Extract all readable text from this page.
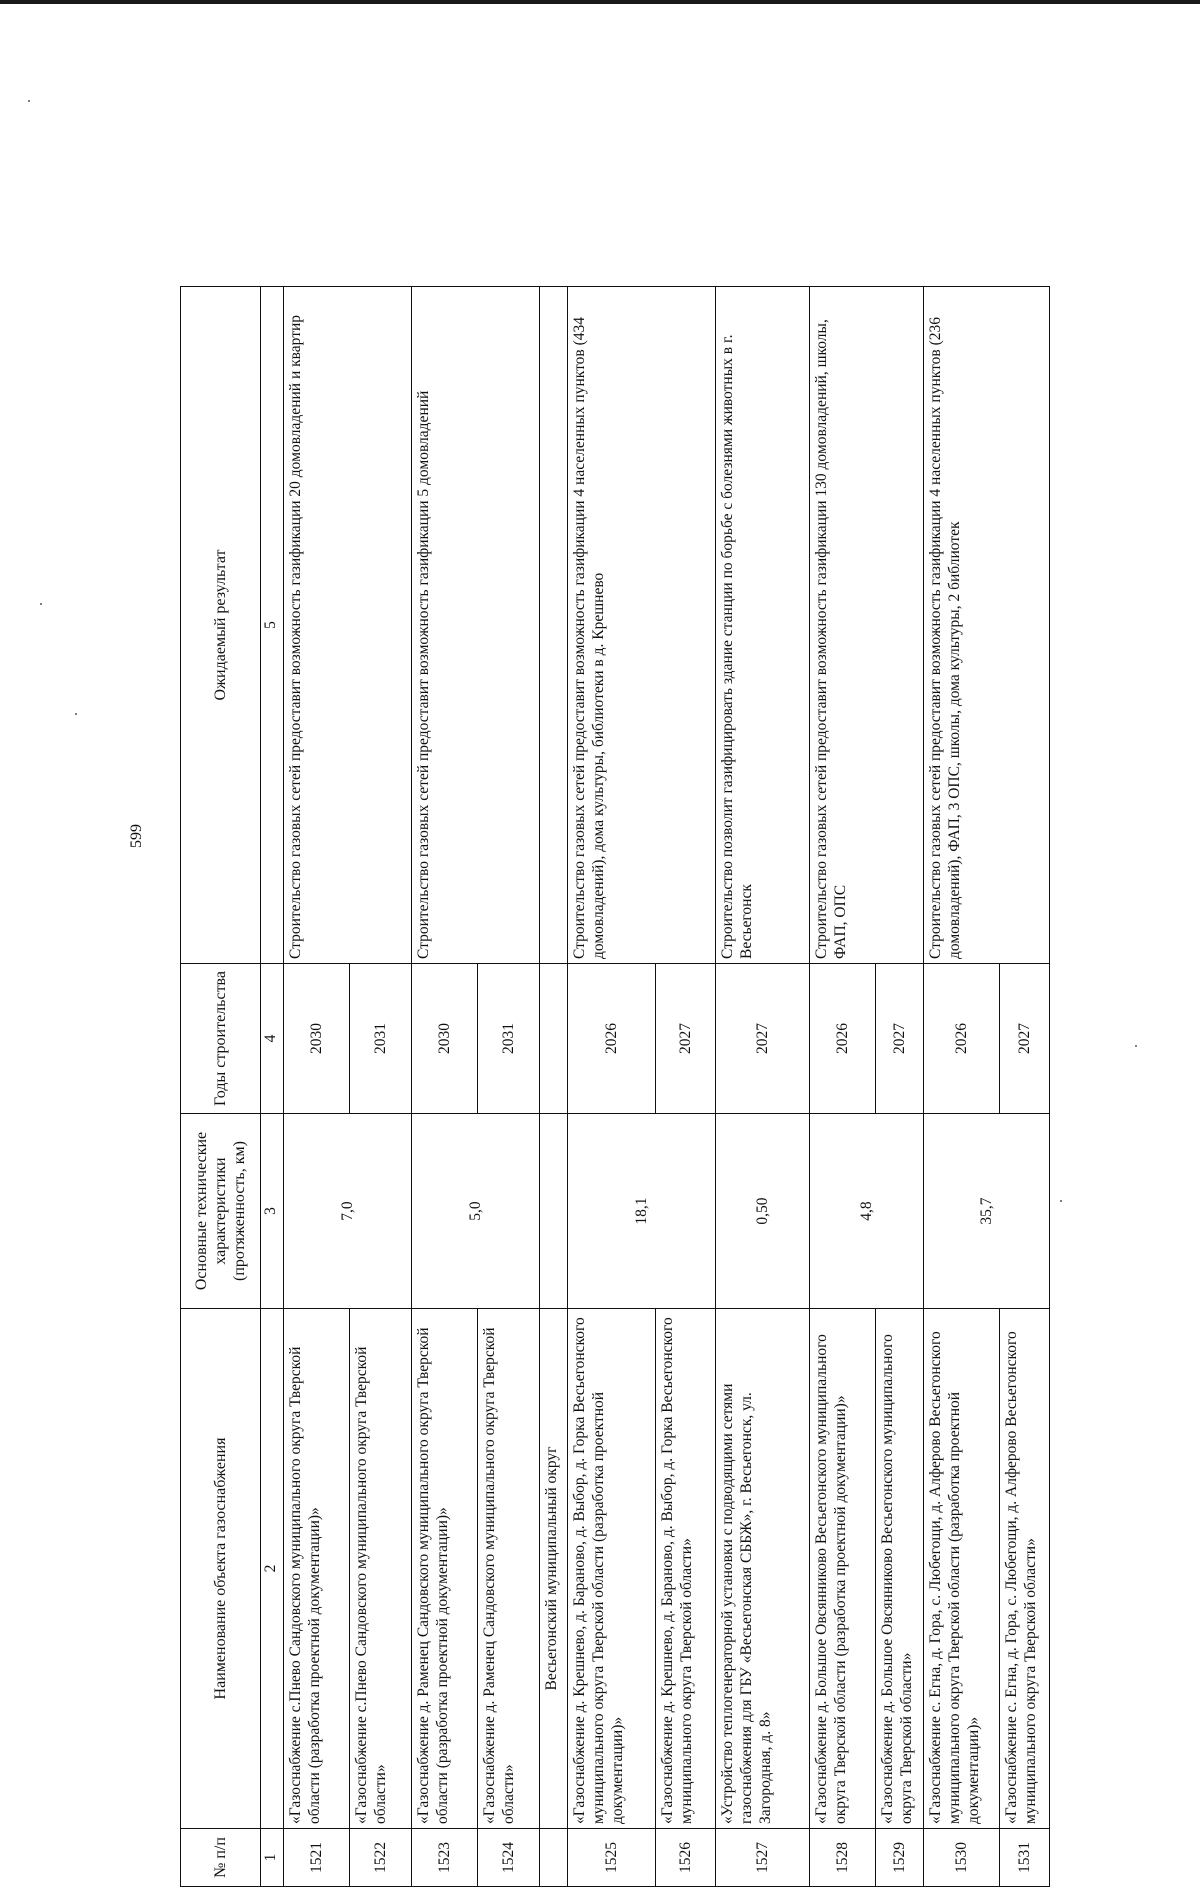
599
№ п/п	Наименование объекта газоснабжения	Основные технические характеристики (протяженность, км)	Годы строительства	Ожидаемый результат
1	2	3	4	5
1521	«Газоснабжение с.Пнево Сандовского муниципального округа Тверской области (разработка проектной документации)»	7,0	2030	Строительство газовых сетей предоставит возможность газификации 20 домовладений и квартир
1522	«Газоснабжение с.Пнево Сандовского муниципального округа Тверской области»		2031	
1523	«Газоснабжение д. Раменец Сандовского муниципального округа Тверской области (разработка проектной документации)»	5,0	2030	Строительство газовых сетей предоставит возможность газификации 5 домовладений
1524	«Газоснабжение д. Раменец Сандовского муниципального округа Тверской области»		2031	
	Весьегонский муниципальный округ			
1525	«Газоснабжение д. Крешнево, д. Бараново, д. Выбор, д. Горка Весьегонского муниципального округа Тверской области (разработка проектной документации)»	18,1	2026	Строительство газовых сетей предоставит возможность газификации 4 населенных пунктов (434 домовладений), дома культуры, библиотеки в д. Крешнево
1526	«Газоснабжение д. Крешнево, д. Бараново, д. Выбор, д. Горка Весьегонского муниципального округа Тверской области»		2027	
1527	«Устройство теплогенераторной установки с подводящими сетями газоснабжения для ГБУ «Весьегонская СББЖ», г. Весьегонск, ул. Загородная, д. 8»	0,50	2027	Строительство позволит газифицировать здание станции по борьбе с болезнями животных в г. Весьегонск
1528	«Газоснабжение д. Большое Овсянниково Весьегонского муниципального округа Тверской области (разработка проектной документации)»	4,8	2026	Строительство газовых сетей предоставит возможность газификации 130 домовладений, школы, ФАП, ОПС
1529	«Газоснабжение д. Большое Овсянниково Весьегонского муниципального округа Тверской области»		2027	
1530	«Газоснабжение с. Егна, д. Гора, с. Любегощи, д. Алферово Весьегонского муниципального округа Тверской области (разработка проектной документации)»	35,7	2026	Строительство газовых сетей предоставит возможность газификации 4 населенных пунктов (236 домовладений), ФАП, 3 ОПС, школы, дома культуры, 2 библиотек
1531	«Газоснабжение с. Егна, д. Гора, с. Любегощи, д. Алферово Весьегонского муниципального округа Тверской области»		2027	
